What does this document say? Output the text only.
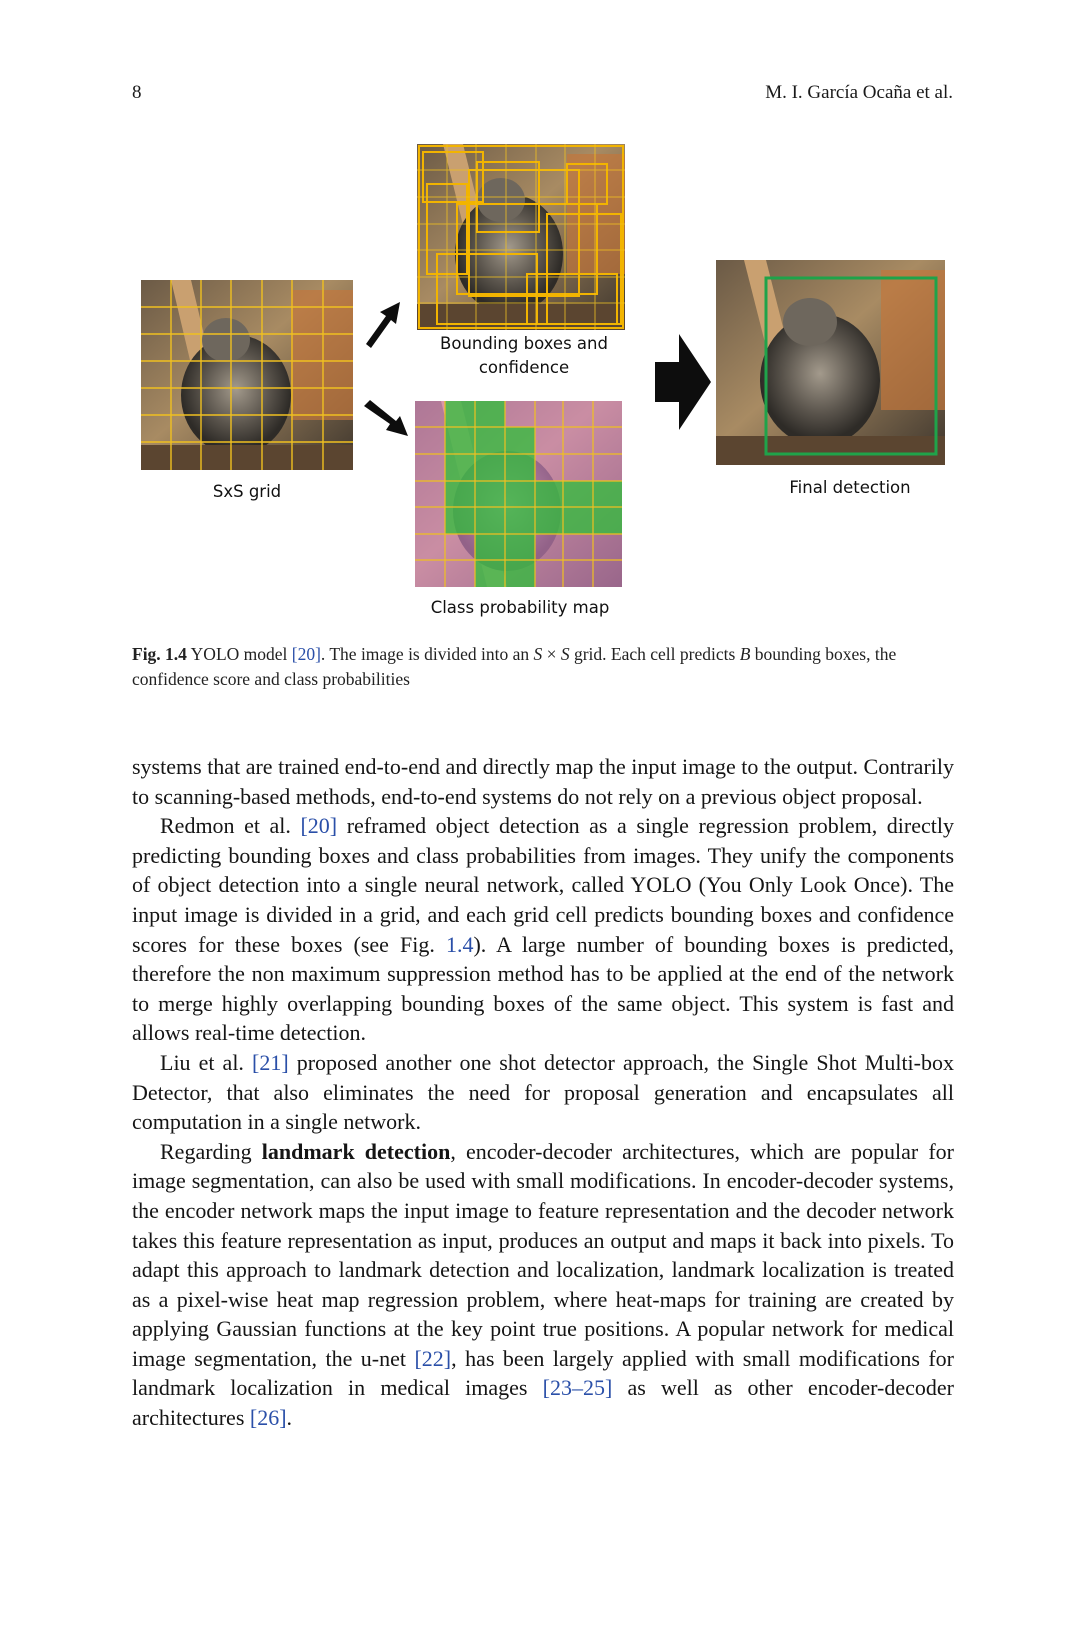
8	M. I. García Ocaña et al.
SxS grid
Bounding boxes and
confidence
Class probability map
Final detection
Fig. 1.4 YOLO model [20]. The image is divided into an S × S grid. Each cell predicts B bounding boxes, the confidence score and class probabilities

systems that are trained end-to-end and directly map the input image to the output. Contrarily to scanning-based methods, end-to-end systems do not rely on a previous object proposal.

Redmon et al. [20] reframed object detection as a single regression problem, directly predicting bounding boxes and class probabilities from images. They unify the components of object detection into a single neural network, called YOLO (You Only Look Once). The input image is divided in a grid, and each grid cell predicts bounding boxes and confidence scores for these boxes (see Fig. 1.4). A large number of bounding boxes is predicted, therefore the non maximum suppression method has to be applied at the end of the network to merge highly overlapping bounding boxes of the same object. This system is fast and allows real-time detection.

Liu et al. [21] proposed another one shot detector approach, the Single Shot Multi-box Detector, that also eliminates the need for proposal generation and encapsulates all computation in a single network.

Regarding landmark detection, encoder-decoder architectures, which are popular for image segmentation, can also be used with small modifications. In encoder-decoder systems, the encoder network maps the input image to feature representation and the decoder network takes this feature representation as input, produces an output and maps it back into pixels. To adapt this approach to landmark detection and localization, landmark localization is treated as a pixel-wise heat map regression problem, where heat-maps for training are created by applying Gaussian functions at the key point true positions. A popular network for medical image segmentation, the u-net [22], has been largely applied with small modifications for landmark localization in medical images [23–25] as well as other encoder-decoder architectures [26].
